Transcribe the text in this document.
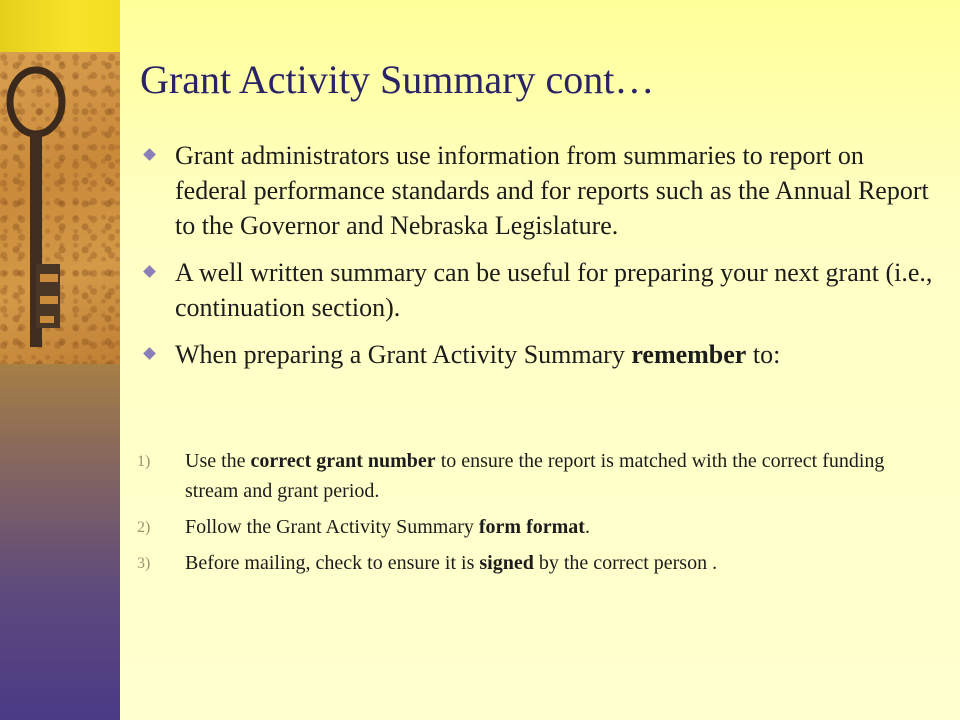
Grant Activity Summary cont…
Grant administrators use information from summaries to report on federal performance standards and for reports such as the Annual Report to the Governor and Nebraska Legislature.
A well written summary can be useful for preparing your next grant (i.e., continuation section).
When preparing a Grant Activity Summary remember to:
1) Use the correct grant number to ensure the report is matched with the correct funding stream and grant period.
2) Follow the Grant Activity Summary form format.
3) Before mailing, check to ensure it is signed by the correct person .
